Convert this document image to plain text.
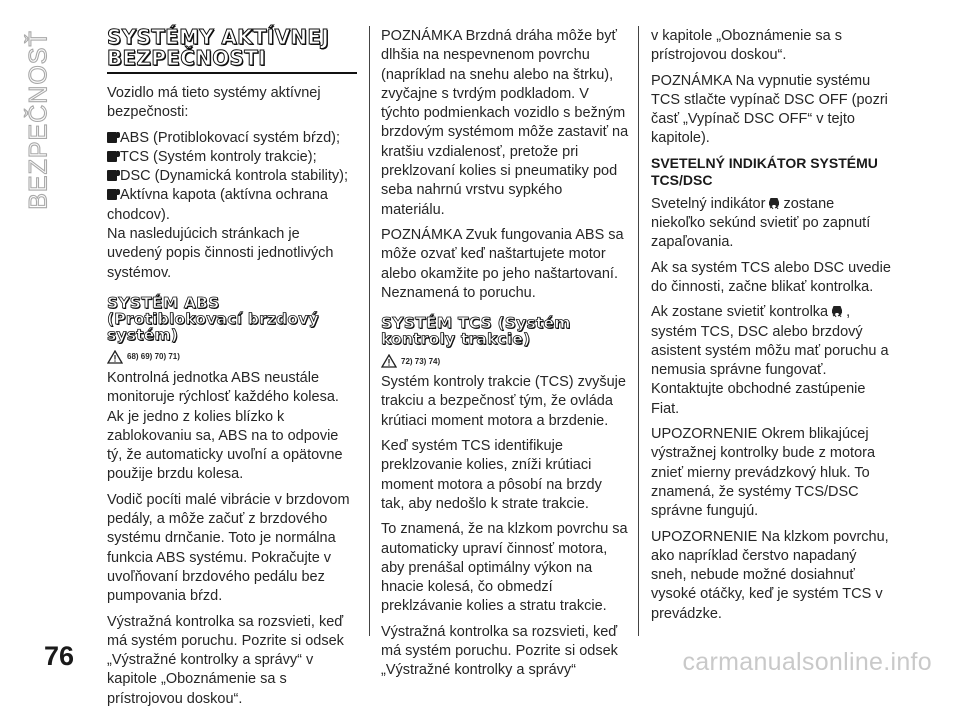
BEZPEČNOSŤ	SYSTÉMY AKTÍVNEJ BEZPEČNOSTI

Vozidlo má tieto systémy aktívnej bezpečnosti:

ABS (Protiblokovací systém bŕzd);
TCS (Systém kontroly trakcie);
DSC (Dynamická kontrola stability);

Aktívna kapota (aktívna ochrana chodcov).

Na nasledujúcich stránkach je uvedený popis činnosti jednotlivých systémov.

SYSTÉM ABS (Protiblokovací brzdový systém)
68) 69) 70) 71)

Kontrolná jednotka ABS neustále monitoruje rýchlosť každého kolesa. Ak je jedno z kolies blízko k zablokovaniu sa, ABS na to odpovie tý, že automaticky uvoľní a opätovne použije brzdu kolesa.

Vodič pocíti malé vibrácie v brzdovom pedály, a môže začuť z brzdového systému drnčanie. Toto je normálna funkcia ABS systému. Pokračujte v uvoľňovaní brzdového pedálu bez pumpovania bŕzd.

Výstražná kontrolka sa rozsvieti, keď má systém poruchu. Pozrite si odsek „Výstražné kontrolky a správy“ v kapitole „Oboznámenie sa s prístrojovou doskou“.

POZNÁMKA Brzdná dráha môže byť dlhšia na nespevnenom povrchu (napríklad na snehu alebo na štrku), zvyčajne s tvrdým podkladom. V týchto podmienkach vozidlo s bežným brzdovým systémom môže zastaviť na kratšiu vzdialenosť, pretože pri preklzovaní kolies si pneumatiky pod seba nahrnú vrstvu sypkého materiálu.

POZNÁMKA Zvuk fungovania ABS sa môže ozvať keď naštartujete motor alebo okamžite po jeho naštartovaní. Neznamená to poruchu.

SYSTÉM TCS (Systém kontroly trakcie)
72) 73) 74)

Systém kontroly trakcie (TCS) zvyšuje trakciu a bezpečnosť tým, že ovláda krútiaci moment motora a brzdenie.

Keď systém TCS identifikuje preklzovanie kolies, zníži krútiaci moment motora a pôsobí na brzdy tak, aby nedošlo k strate trakcie.

To znamená, že na klzkom povrchu sa automaticky upraví činnosť motora, aby prenášal optimálny výkon na hnacie kolesá, čo obmedzí preklzávanie kolies a stratu trakcie.

Výstražná kontrolka sa rozsvieti, keď má systém poruchu. Pozrite si odsek „Výstražné kontrolky a správy“

v kapitole „Oboznámenie sa s prístrojovou doskou“.

POZNÁMKA Na vypnutie systému TCS stlačte vypínač DSC OFF (pozri časť „Vypínač DSC OFF“ v tejto kapitole).

SVETELNÝ INDIKÁTOR SYSTÉMU TCS/DSC

Svetelný indikátor zostane niekoľko sekúnd svietiť po zapnutí zapaľovania.

Ak sa systém TCS alebo DSC uvedie do činnosti, začne blikať kontrolka.

Ak zostane svietiť kontrolka , systém TCS, DSC alebo brzdový asistent systém môžu mať poruchu a nemusia správne fungovať. Kontaktujte obchodné zastúpenie Fiat.

UPOZORNENIE Okrem blikajúcej výstražnej kontrolky bude z motora znieť mierny prevádzkový hluk. To znamená, že systémy TCS/DSC správne fungujú.

UPOZORNENIE Na klzkom povrchu, ako napríklad čerstvo napadaný sneh, nebude možné dosiahnuť vysoké otáčky, keď je systém TCS v prevádzke.

76	carmanualsonline.info
